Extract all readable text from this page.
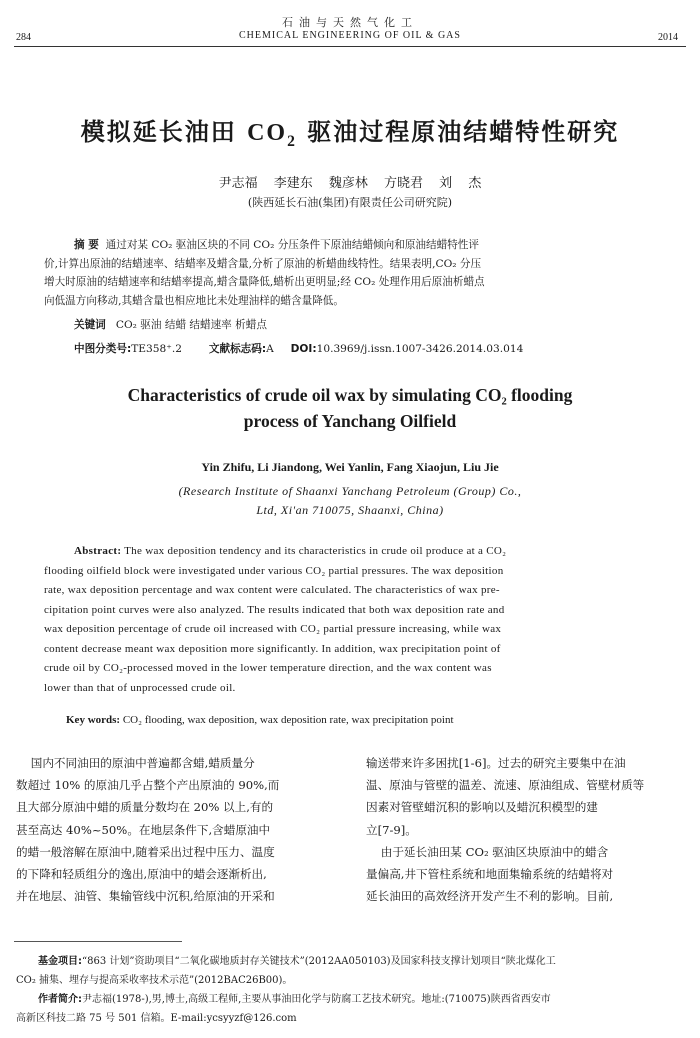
石油与天然气化工
CHEMICAL ENGINEERING OF OIL & GAS
284	2014
模拟延长油田 $CO_2$ 驱油过程原油结蜡特性研究
尹志福 李建东 魏彦林 方晓君 刘 杰
(陕西延长石油(集团)有限责任公司研究院)
摘 要 通过对某 CO₂ 驱油区块的不同 CO₂ 分压条件下原油结蜡倾向和原油结蜡特性评
价,计算出原油的结蜡速率、结蜡率及蜡含量,分析了原油的析蜡曲线特性。结果表明,CO₂ 分压
增大时原油的结蜡速率和结蜡率提高,蜡含量降低,蜡析出更明显;经 CO₂ 处理作用后原油析蜡点
向低温方向移动,其蜡含量也相应地比未处理油样的蜡含量降低。
关键词 CO₂ 驱油 结蜡 结蜡速率 析蜡点
中图分类号:TE358⁺.2	文献标志码:A DOI:10.3969/j.issn.1007-3426.2014.03.014
Characteristics of crude oil wax by simulating CO₂ flooding
process of Yanchang Oilfield
Yin Zhifu, Li Jiandong, Wei Yanlin, Fang Xiaojun, Liu Jie
(Research Institute of Shaanxi Yanchang Petroleum (Group) Co.,
Ltd, Xi'an 710075, Shaanxi, China)
Abstract: The wax deposition tendency and its characteristics in crude oil produce at a CO₂
flooding oilfield block were investigated under various CO₂ partial pressures. The wax deposition
rate, wax deposition percentage and wax content were calculated. The characteristics of wax pre-
cipitation point curves were also analyzed. The results indicated that both wax deposition rate and
wax deposition percentage of crude oil increased with CO₂ partial pressure increasing, while wax
content decrease meant wax deposition more significantly. In addition, wax precipitation point of
crude oil by CO₂-processed moved in the lower temperature direction, and the wax content was
lower than that of unprocessed crude oil.
Key words: CO₂ flooding, wax deposition, wax deposition rate, wax precipitation point
国内不同油田的原油中普遍都含蜡,蜡质量分
数超过 10% 的原油几乎占整个产出原油的 90%,而
且大部分原油中蜡的质量分数均在 20% 以上,有的
甚至高达 40%~50%。在地层条件下,含蜡原油中
的蜡一般溶解在原油中,随着采出过程中压力、温度
的下降和轻质组分的逸出,原油中的蜡会逐渐析出,
并在地层、油管、集输管线中沉积,给原油的开采和
输送带来许多困扰[1-6]。过去的研究主要集中在油
温、原油与管壁的温差、流速、原油组成、管壁材质等
因素对管壁蜡沉积的影响以及蜡沉积模型的建
立[7-9]。
由于延长油田某 CO₂ 驱油区块原油中的蜡含
量偏高,井下管柱系统和地面集输系统的结蜡将对
延长油田的高效经济开发产生不利的影响。目前,
基金项目:“863 计划”资助项目“二氧化碳地质封存关键技术”(2012AA050103)及国家科技支撑计划项目“陕北煤化工
CO₂ 捕集、埋存与提高采收率技术示范”(2012BAC26B00)。
作者简介:尹志福(1978-),男,博士,高级工程师,主要从事油田化学与防腐工艺技术研究。地址:(710075)陕西省西安市
高新区科技二路 75 号 501 信箱。E-mail:ycsyyzf@126.com
